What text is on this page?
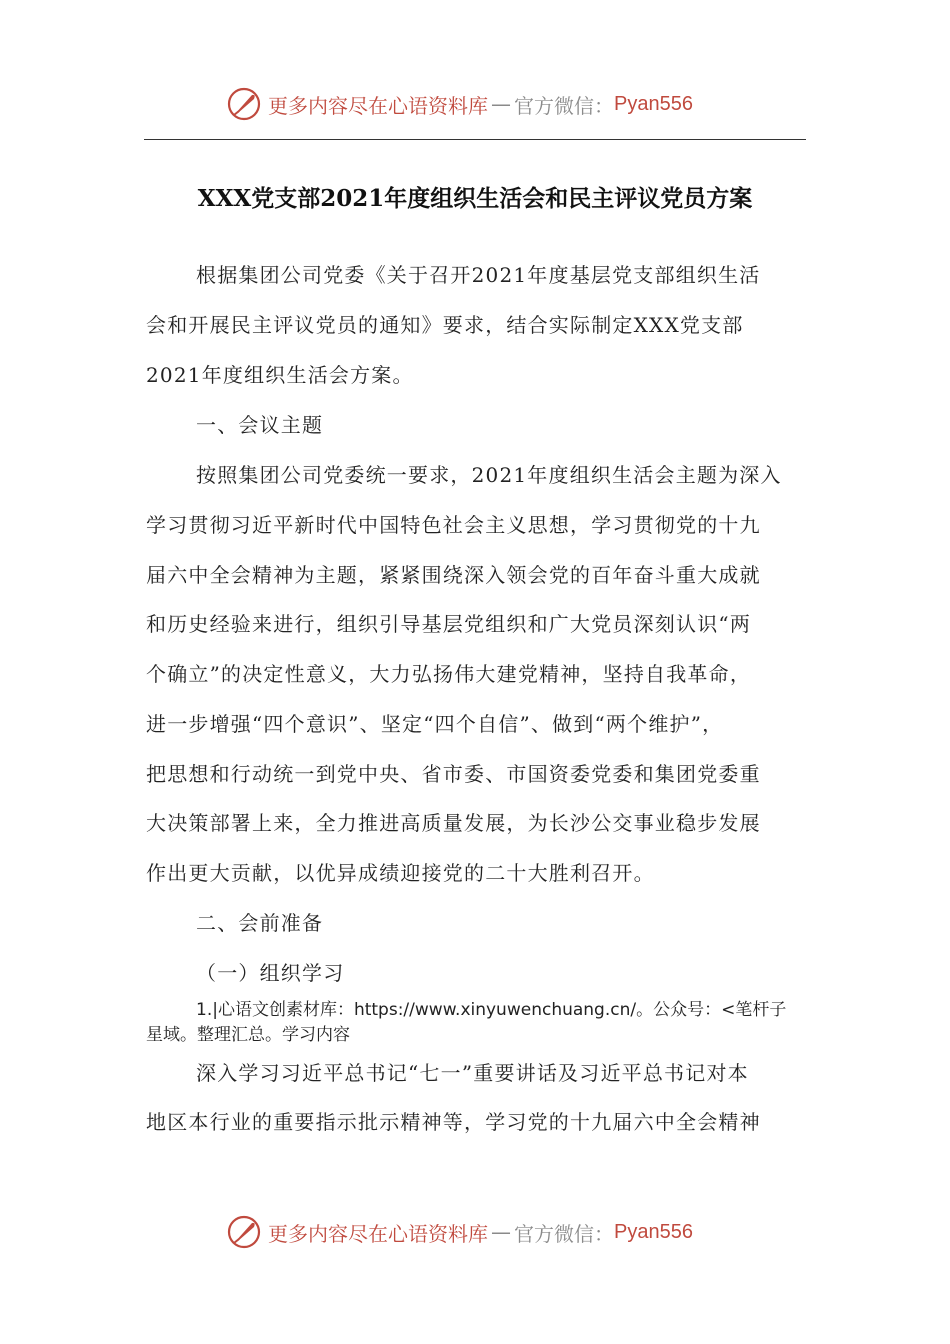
更多内容尽在心语资料库 — 官方微信： Pyan556
XXX党支部2021年度组织生活会和民主评议党员方案
根据集团公司党委《关于召开2021年度基层党支部组织生活
会和开展民主评议党员的通知》要求，结合实际制定XXX党支部
2021年度组织生活会方案。
一、会议主题
按照集团公司党委统一要求，2021年度组织生活会主题为深入
学习贯彻习近平新时代中国特色社会主义思想，学习贯彻党的十九
届六中全会精神为主题，紧紧围绕深入领会党的百年奋斗重大成就
和历史经验来进行，组织引导基层党组织和广大党员深刻认识“两
个确立”的决定性意义，大力弘扬伟大建党精神，坚持自我革命，
进一步增强“四个意识”、坚定“四个自信”、做到“两个维护”，
把思想和行动统一到党中央、省市委、市国资委党委和集团党委重
大决策部署上来，全力推进高质量发展，为长沙公交事业稳步发展
作出更大贡献，以优异成绩迎接党的二十大胜利召开。
二、会前准备
（一）组织学习
1.|心语文创素材库：https://www.xinyuwenchuang.cn/。公众号：<笔杆子
星域。整理汇总。学习内容
深入学习习近平总书记“七一”重要讲话及习近平总书记对本
地区本行业的重要指示批示精神等，学习党的十九届六中全会精神
更多内容尽在心语资料库 — 官方微信： Pyan556
